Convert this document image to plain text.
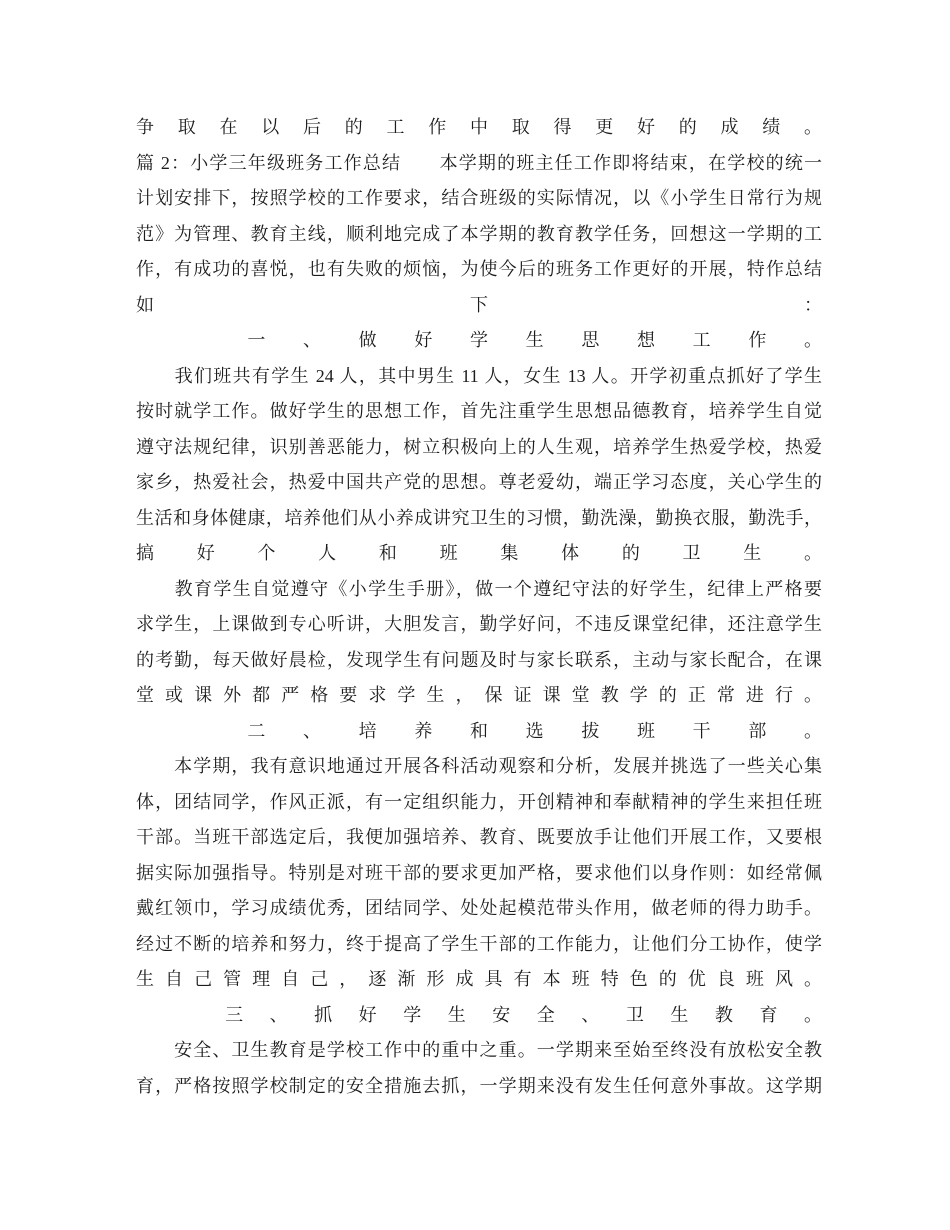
争取在以后的工作中取得更好的成绩。
篇 2：小学三年级班务工作总结　　本学期的班主任工作即将结束，在学校的统一
计划安排下，按照学校的工作要求，结合班级的实际情况，以《小学生日常行为规
范》为管理、教育主线，顺利地完成了本学期的教育教学任务，回想这一学期的工
作，有成功的喜悦，也有失败的烦恼，为使今后的班务工作更好的开展，特作总结
如下：
　　一、做好学生思想工作。
　　我们班共有学生 24 人，其中男生 11 人，女生 13 人。开学初重点抓好了学生
按时就学工作。做好学生的思想工作，首先注重学生思想品德教育，培养学生自觉
遵守法规纪律，识别善恶能力，树立积极向上的人生观，培养学生热爱学校，热爱
家乡，热爱社会，热爱中国共产党的思想。尊老爱幼，端正学习态度，关心学生的
生活和身体健康，培养他们从小养成讲究卫生的习惯，勤洗澡，勤换衣服，勤洗手，
搞好个人和班集体的卫生。
　　教育学生自觉遵守《小学生手册》，做一个遵纪守法的好学生，纪律上严格要
求学生，上课做到专心听讲，大胆发言，勤学好问，不违反课堂纪律，还注意学生
的考勤，每天做好晨检，发现学生有问题及时与家长联系，主动与家长配合，在课
堂或课外都严格要求学生，保证课堂教学的正常进行。
　　二、培养和选拔班干部。
　　本学期，我有意识地通过开展各科活动观察和分析，发展并挑选了一些关心集
体，团结同学，作风正派，有一定组织能力，开创精神和奉献精神的学生来担任班
干部。当班干部选定后，我便加强培养、教育、既要放手让他们开展工作，又要根
据实际加强指导。特别是对班干部的要求更加严格，要求他们以身作则：如经常佩
戴红领巾，学习成绩优秀，团结同学、处处起模范带头作用，做老师的得力助手。
经过不断的培养和努力，终于提高了学生干部的工作能力，让他们分工协作，使学
生自己管理自己，逐渐形成具有本班特色的优良班风。
　　三、抓好学生安全、卫生教育。
　　安全、卫生教育是学校工作中的重中之重。一学期来至始至终没有放松安全教
育，严格按照学校制定的安全措施去抓，一学期来没有发生任何意外事故。这学期
